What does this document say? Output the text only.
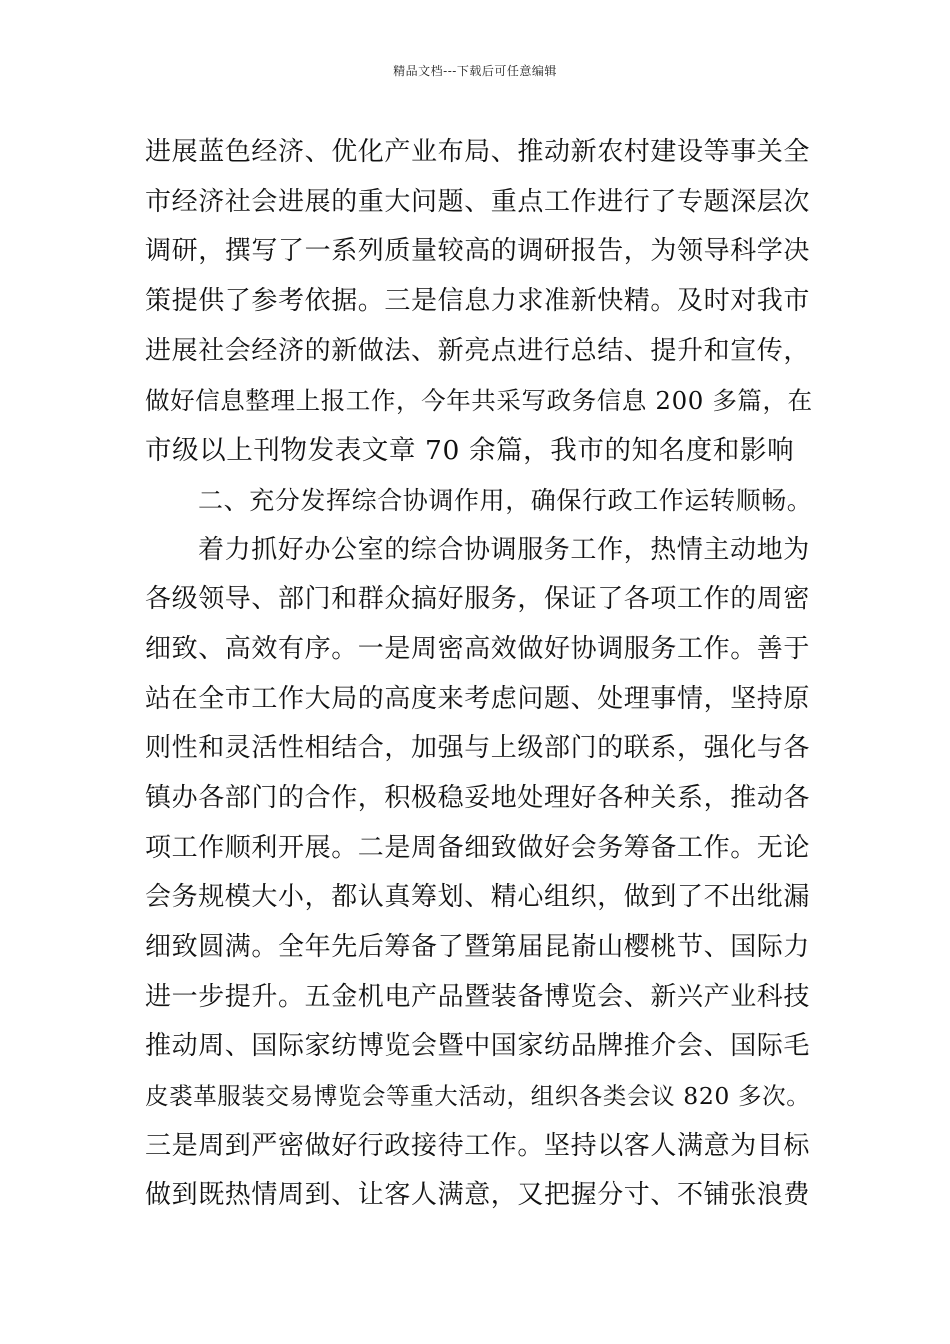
精品文档---下载后可任意编辑
进展蓝色经济、优化产业布局、推动新农村建设等事关全
市经济社会进展的重大问题、重点工作进行了专题深层次
调研，撰写了一系列质量较高的调研报告，为领导科学决
策提供了参考依据。三是信息力求准新快精。及时对我市
进展社会经济的新做法、新亮点进行总结、提升和宣传，
做好信息整理上报工作，今年共采写政务信息 200 多篇，在
市级以上刊物发表文章 70 余篇，我市的知名度和影响
二、充分发挥综合协调作用，确保行政工作运转顺畅。
着力抓好办公室的综合协调服务工作，热情主动地为
各级领导、部门和群众搞好服务，保证了各项工作的周密
细致、高效有序。一是周密高效做好协调服务工作。善于
站在全市工作大局的高度来考虑问题、处理事情，坚持原
则性和灵活性相结合，加强与上级部门的联系，强化与各
镇办各部门的合作，积极稳妥地处理好各种关系，推动各
项工作顺利开展。二是周备细致做好会务筹备工作。无论
会务规模大小，都认真筹划、精心组织，做到了不出纰漏
细致圆满。全年先后筹备了暨第届昆嵛山樱桃节、国际力
进一步提升。五金机电产品暨装备博览会、新兴产业科技
推动周、国际家纺博览会暨中国家纺品牌推介会、国际毛
皮裘革服装交易博览会等重大活动，组织各类会议 820 多次。
三是周到严密做好行政接待工作。坚持以客人满意为目标
做到既热情周到、让客人满意，又把握分寸、不铺张浪费
